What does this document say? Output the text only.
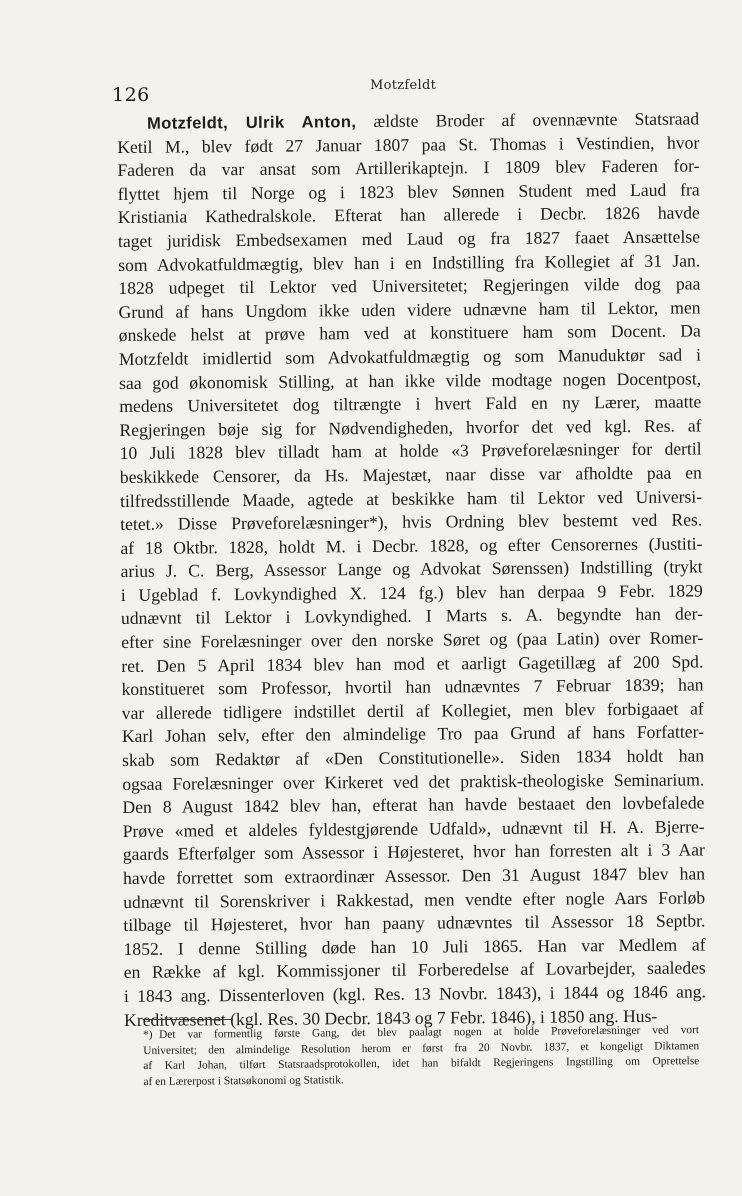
126	Motzfeldt
Motzfeldt, Ulrik Anton, ældste Broder af ovennævnte Statsraad
Ketil M., blev født 27 Januar 1807 paa St. Thomas i Vestindien, hvor
Faderen da var ansat som Artillerikaptejn. I 1809 blev Faderen for-
flyttet hjem til Norge og i 1823 blev Sønnen Student med Laud fra
Kristiania Kathedralskole. Efterat han allerede i Decbr. 1826 havde
taget juridisk Embedsexamen med Laud og fra 1827 faaet Ansættelse
som Advokatfuldmægtig, blev han i en Indstilling fra Kollegiet af 31 Jan.
1828 udpeget til Lektor ved Universitetet; Regjeringen vilde dog paa
Grund af hans Ungdom ikke uden videre udnævne ham til Lektor, men
ønskede helst at prøve ham ved at konstituere ham som Docent. Da
Motzfeldt imidlertid som Advokatfuldmægtig og som Manuduktør sad i
saa god økonomisk Stilling, at han ikke vilde modtage nogen Docentpost,
medens Universitetet dog tiltrængte i hvert Fald en ny Lærer, maatte
Regjeringen bøje sig for Nødvendigheden, hvorfor det ved kgl. Res. af
10 Juli 1828 blev tilladt ham at holde «3 Prøveforelæsninger for dertil
beskikkede Censorer, da Hs. Majestæt, naar disse var afholdte paa en
tilfredsstillende Maade, agtede at beskikke ham til Lektor ved Universi-
tetet.» Disse Prøveforelæsninger*), hvis Ordning blev bestemt ved Res.
af 18 Oktbr. 1828, holdt M. i Decbr. 1828, og efter Censorernes (Justiti-
arius J. C. Berg, Assessor Lange og Advokat Sørenssen) Indstilling (trykt
i Ugeblad f. Lovkyndighed X. 124 fg.) blev han derpaa 9 Febr. 1829
udnævnt til Lektor i Lovkyndighed. I Marts s. A. begyndte han der-
efter sine Forelæsninger over den norske Søret og (paa Latin) over Romer-
ret. Den 5 April 1834 blev han mod et aarligt Gagetillæg af 200 Spd.
konstitueret som Professor, hvortil han udnævntes 7 Februar 1839; han
var allerede tidligere indstillet dertil af Kollegiet, men blev forbigaaet af
Karl Johan selv, efter den almindelige Tro paa Grund af hans Forfatter-
skab som Redaktør af «Den Constitutionelle». Siden 1834 holdt han
ogsaa Forelæsninger over Kirkeret ved det praktisk-theologiske Seminarium.
Den 8 August 1842 blev han, efterat han havde bestaaet den lovbefalede
Prøve «med et aldeles fyldestgjørende Udfald», udnævnt til H. A. Bjerre-
gaards Efterfølger som Assessor i Højesteret, hvor han forresten alt i 3 Aar
havde forrettet som extraordinær Assessor. Den 31 August 1847 blev han
udnævnt til Sorenskriver i Rakkestad, men vendte efter nogle Aars Forløb
tilbage til Højesteret, hvor han paany udnævntes til Assessor 18 Septbr.
1852. I denne Stilling døde han 10 Juli 1865. Han var Medlem af
en Række af kgl. Kommissjoner til Forberedelse af Lovarbejder, saaledes
i 1843 ang. Dissenterloven (kgl. Res. 13 Novbr. 1843), i 1844 og 1846 ang.
Kreditvæsenet (kgl. Res. 30 Decbr. 1843 og 7 Febr. 1846), i 1850 ang. Hus-
*) Det var formentlig første Gang, det blev paalagt nogen at holde Prøveforelæsninger ved vort
Universitet; den almindelige Resolution herom er først fra 20 Novbr. 1837, et kongeligt Diktamen
af Karl Johan, tilført Statsraadsprotokollen, idet han bifaldt Regjeringens Ingstilling om Oprettelse
af en Lærerpost i Statsøkonomi og Statistik.
